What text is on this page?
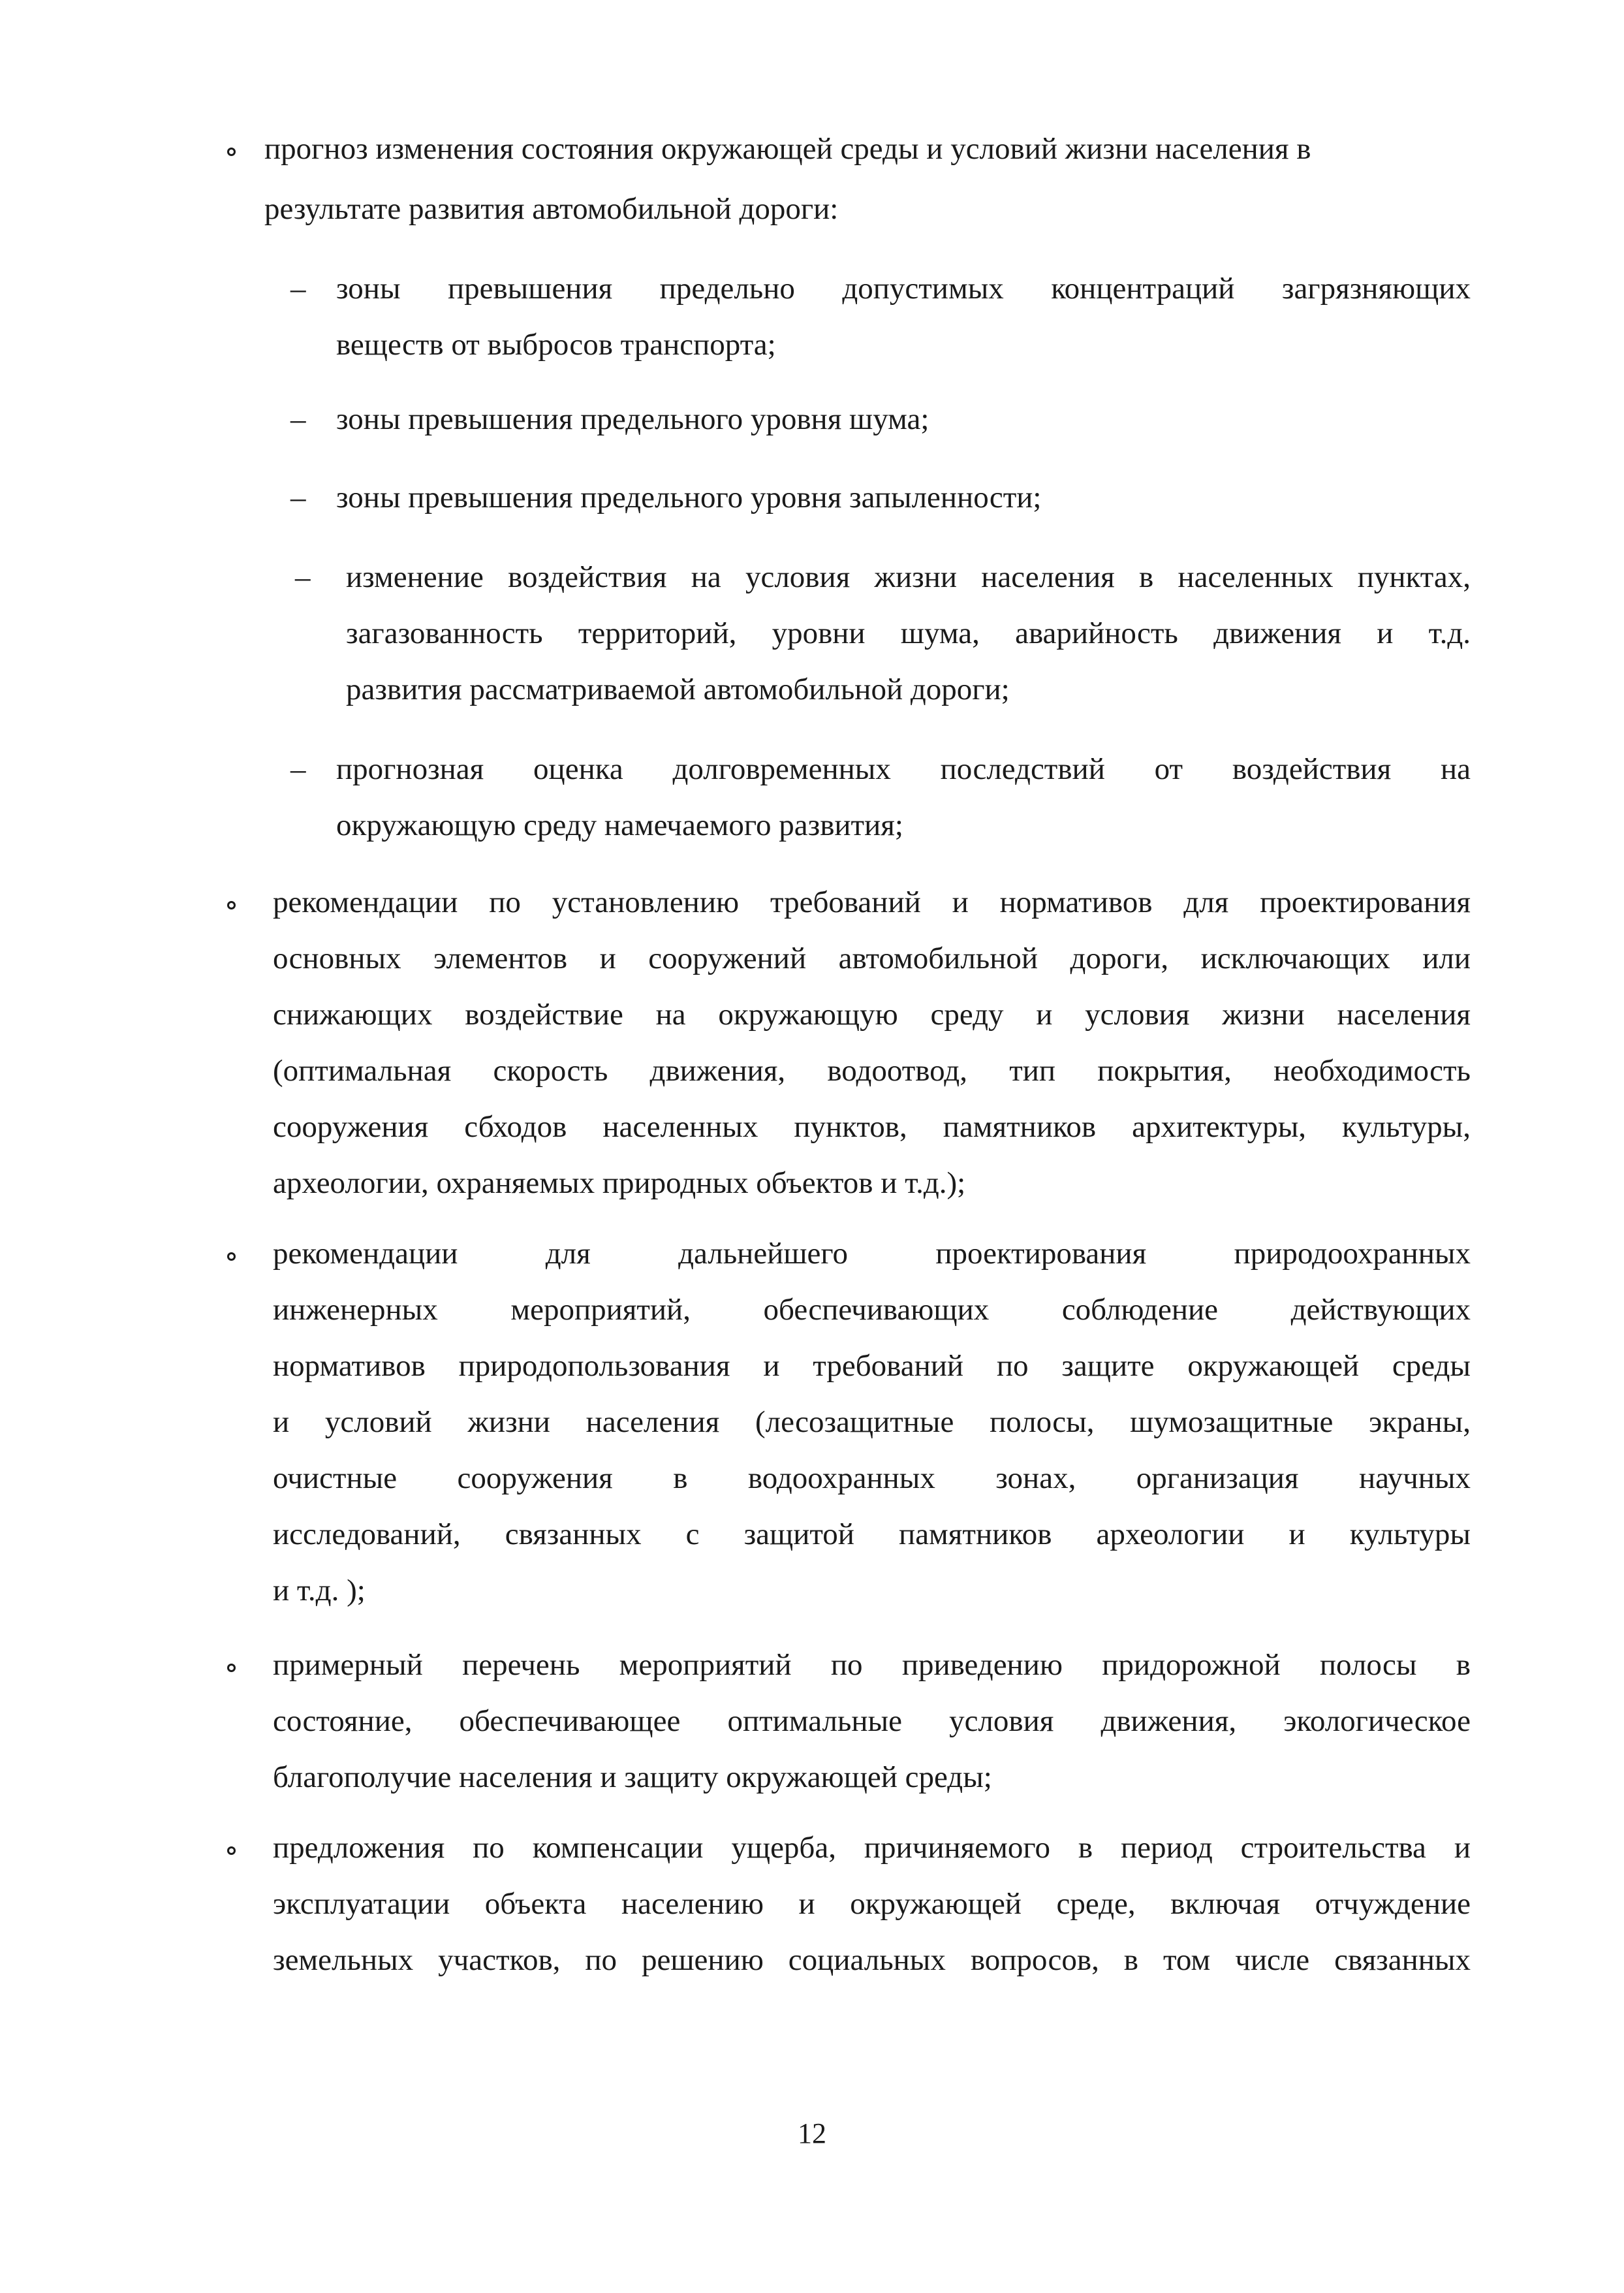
прогноз изменения состояния окружающей среды и условий жизни населения в
результате развития автомобильной дороги:
– зоны превышения предельно допустимых концентраций загрязняющих
веществ от выбросов транспорта;
– зоны превышения предельного уровня шума;
– зоны превышения предельного уровня запыленности;
– изменение воздействия на условия жизни населения в населенных пунктах,
загазованность территорий, уровни шума, аварийность движения и т.д.
развития рассматриваемой автомобильной дороги;
– прогнозная оценка долговременных последствий от воздействия на
окружающую среду намечаемого развития;
рекомендации по установлению требований и нормативов для проектирования
основных элементов и сооружений автомобильной дороги, исключающих или
снижающих воздействие на окружающую среду и условия жизни населения
(оптимальная скорость движения, водоотвод, тип покрытия, необходимость
сооружения сбходов населенных пунктов, памятников архитектуры, культуры,
археологии, охраняемых природных объектов и т.д.);
рекомендации для дальнейшего проектирования природоохранных
инженерных мероприятий, обеспечивающих соблюдение действующих
нормативов природопользования и требований по защите окружающей среды
и условий жизни населения (лесозащитные полосы, шумозащитные экраны,
очистные сооружения в водоохранных зонах, организация научных
исследований, связанных с защитой памятников археологии и культуры
и т.д. );
примерный перечень мероприятий по приведению придорожной полосы в
состояние, обеспечивающее оптимальные условия движения, экологическое
благополучие населения и защиту окружающей среды;
предложения по компенсации ущерба, причиняемого в период строительства и
эксплуатации объекта населению и окружающей среде, включая отчуждение
земельных участков, по решению социальных вопросов, в том числе связанных
12
